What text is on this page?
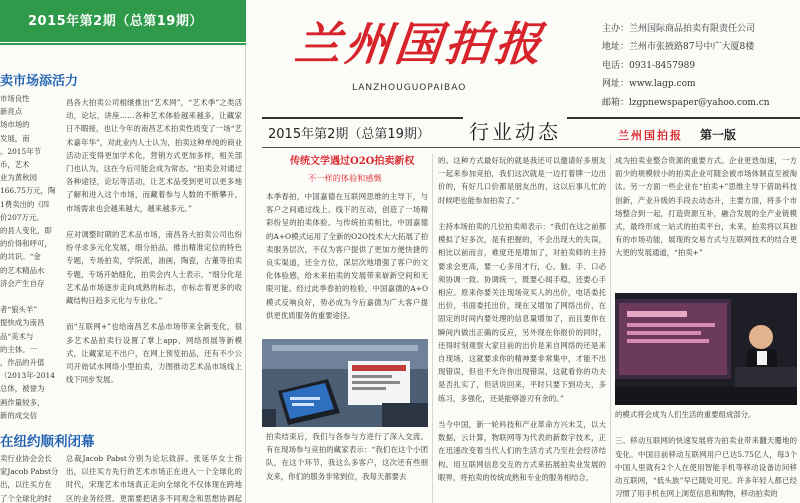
2015年第2期（总第19期）
卖市场添活力
市场良性
新亮点
场市场的
发展，南
。2015年节
币，艺术
业为黄秋园
166.75万元，陶
1费卖出的《四
价207万元。
的县人变化，即
的价得和呼可，
的共识。“金
的艺术精品水
济会产生自存

者“狼头羊”
提快成为南昌
品“美术与
的主体。一
，作品的升值
（2013年-2014
总体，被誉为
画作量较多，
新的成交信

昌各大拍卖公司相继推出“艺术网”，“艺术季”之类活动，论坛，讲座……各种艺术体验越来越多，让藏家日不暇接，也让今年的南昌艺术拍卖性质变了一场“艺术嘉年华”，对此业内人士认为，拍卖这种单纯的商业活动正变得更加学术化，营销方式更加多样，相关部门也认为，这在今后可能会成为常态。“拍卖会对通过各种途径，论坛等活动，让艺术品受到更可以更多地了解和进入这个市场，而藏着参与人数的不断攀升，市场需求也会越来越大，越来越多元。”

应对调整时期的艺术品市场，南昌各大拍卖公司也纷纷寻求多元化发展，细分拍品，推出精准定位的特色专题，专场拍卖，学院派，油画，陶瓷，古董等拍卖专题，专场开始细化，拍卖会内人士表示，“细分化是艺术品市场逐步走向成熟的标志，亦标志着更多的收藏结构日趋多元化与专业化。”

而“互联网+”也给南昌艺术品市场带来全新变化，很多艺术品拍卖行设置了掌上app、网络预展等新模式，让藏家足不出户，在网上预览拍品，还有不少公司开始试水网络小型拍卖，力图推动艺术品市场线上线下同步发展。
在纽约顺利闭幕
卖行业协会会长
家Jacob Pabst分
出，以往买方在
了个全球化的时

总裁Jacob Pabst分别为论坛致辞。张延华女士指出，以往买方先行的艺术市场正在进入一个全球化的时代，宋现艺术市场真正走向全球化不仅体现在跨地区的业务经营，更需要把诸多不同观念和思想协调起
兰州国拍报
LANZHOUGUOPAIBAO
主办：兰州国际商品拍卖有限责任公司
地址：兰州市张掖路87号中广大厦8楼
电话：0931-8457989
网址：www.lagp.com
邮箱：lzgpnewspaper@yahoo.com.cn
2015年第2期（总第19期）	行业动态	兰州国拍报 第一版
传统文学遇过O2O拍卖新权
不一样的体验和感慨
本季春拍，中国嘉德在互联网思维的主导下，与客户之间通过线上、线下的互动，创造了一场精彩纷呈的拍卖体验。与传统拍卖相比，中国嘉德的A+O模式运用了全新的O2O技术大大拓展了拍卖服务层次，不仅为客户提供了更加方便快捷的良实渠道，还全方位，深层次地增强了客户的文化体验感，给未来拍卖的发展带来崭新空间和无限可能。经过此季春拍的检验，中国嘉德的A+O模式反响良好，势必成为今后嘉德为广大客户提供更优质服务的重要途径。
拍卖结束后，我们与各参与方进行了深入交流。有在现场参与竞拍的藏家表示：“我们在这个小团队，在这个环节，我这么多客户，这次还有些朋友来，你们的服务非常到位，我每天都要去
的。这种方式最好玩的就是我还可以邀请好多朋友一起来参加竞拍，我们这次就是一边打着牌一边出价的，有好几口价都是朋友出的，这以后事儿忙的时候吧也能参加拍卖了。”

主持本场拍卖的几位拍卖师表示：“我们在这之前都模拟了好多次，是有把握的，不会出现大的失误，相比以前而言，难度还是增加了，对拍卖师的主持要求会更高，要一心多用才行，心、脑、手、口必须协调一致。协调统一，既要心闻手稳，还要心手相应。原来你要关注现场竞买人的出价，电话委托出价，书面委托出价，现在又增加了网络出价，在固定的时间内要处理的信息量增加了，而且要你在瞬间内做出正确的反应，另外现在你报价的同时，还得时刻观察大家目前的出价是来自网络的还是来自现场，这就要求你的精神要非常集中，才能不出现错误，但也不允许你出现错误，这就看你的功夫是否扎实了，但话说回来，平时只要下到功夫，多练习，多强化，还是能够游刃有余的。”

当今中国，新一轮科技和产业革命方兴未艾，以大数据，云计算，物联网等为代表的新数字技术，正在迅速改变着当代人们的生活方式乃至社会经济结构。用互联网信息交互的方式来拓展拍卖业发展的眼界，将拍卖的传统成熟和专业的服务相结合，
成为拍卖业整合资源的重要方式。企业更迭加速，一方面少的规模较小的拍卖企业可随会被市场体制直至被淘汰。另一方面一些企业在“拍卖+”思维主导下借助科技创新，产业升级的手段去动态升，主要方面，将多个市场整合到一起，打造资源互补，融合发展的全产业链模式，最终形成一站式的拍卖平台，未来，拍卖将以其独有的市场功能，展现的交易方式与互联网技术的结合更大更的发展通道，“拍卖+”
的模式将会成为人们生活的重要组成部分。

三、移动互联网的快速发展将为拍卖业带来翻天覆地的变化。中国目前移动互联网用户已达5.75亿人，每3个中国人里就有2个人在使用智能手机等移动设备访问移动互联网，“低头族”早已随处可见。许多年轻人都已经习惯了用手机在网上浏览信息和购物，移动拍卖的
